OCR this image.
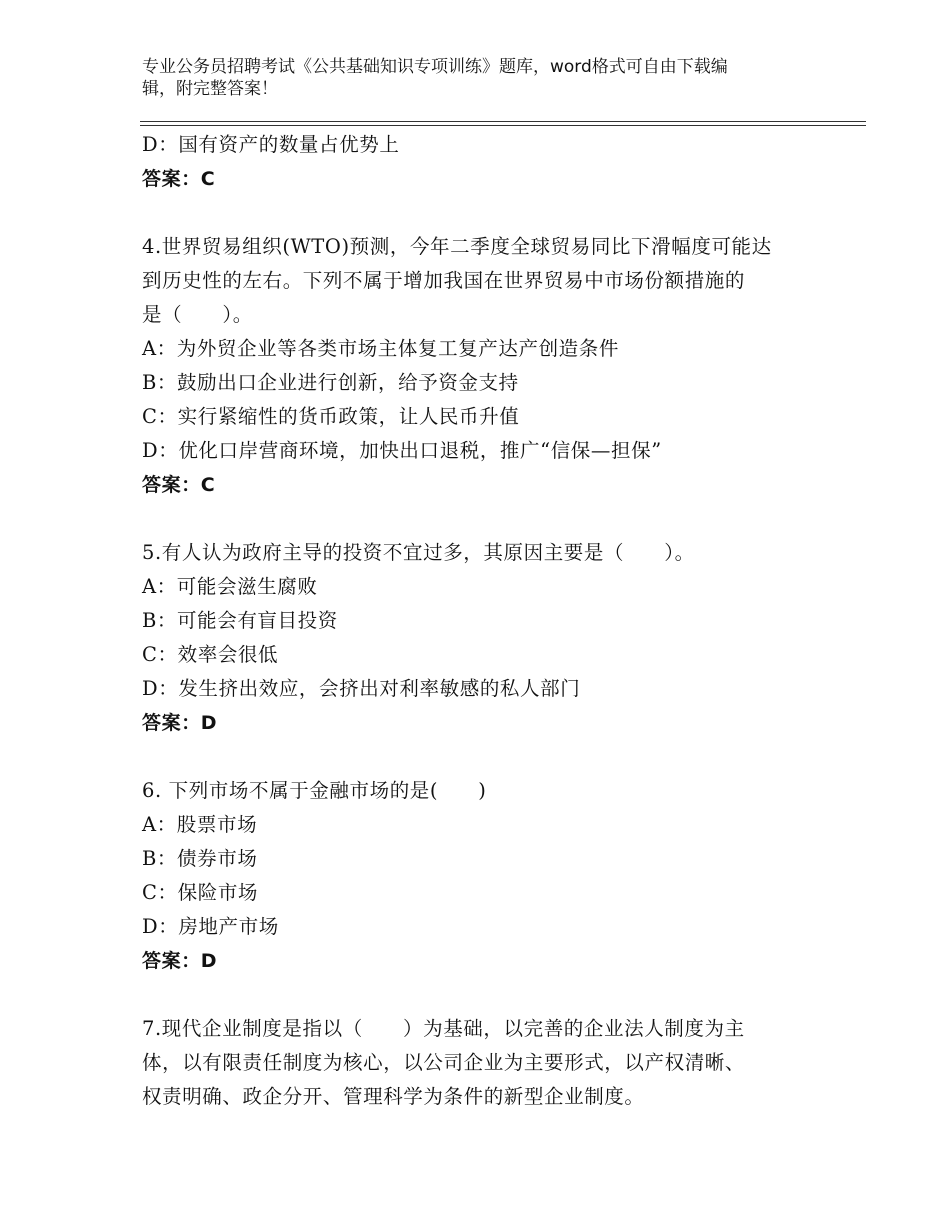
专业公务员招聘考试《公共基础知识专项训练》题库，word格式可自由下载编
辑，附完整答案！
D：国有资产的数量占优势上
答案：C
4.世界贸易组织(WTO)预测，今年二季度全球贸易同比下滑幅度可能达
到历史性的左右。下列不属于增加我国在世界贸易中市场份额措施的
是（　　）。
A：为外贸企业等各类市场主体复工复产达产创造条件
B：鼓励出口企业进行创新，给予资金支持
C：实行紧缩性的货币政策，让人民币升值
D：优化口岸营商环境，加快出口退税，推广“信保—担保”
答案：C
5.有人认为政府主导的投资不宜过多，其原因主要是（　　）。
A：可能会滋生腐败
B：可能会有盲目投资
C：效率会很低
D：发生挤出效应，会挤出对利率敏感的私人部门
答案：D
6. 下列市场不属于金融市场的是(　　)
A：股票市场
B：债券市场
C：保险市场
D：房地产市场
答案：D
7.现代企业制度是指以（　　）为基础，以完善的企业法人制度为主
体，以有限责任制度为核心，以公司企业为主要形式，以产权清晰、
权责明确、政企分开、管理科学为条件的新型企业制度。
